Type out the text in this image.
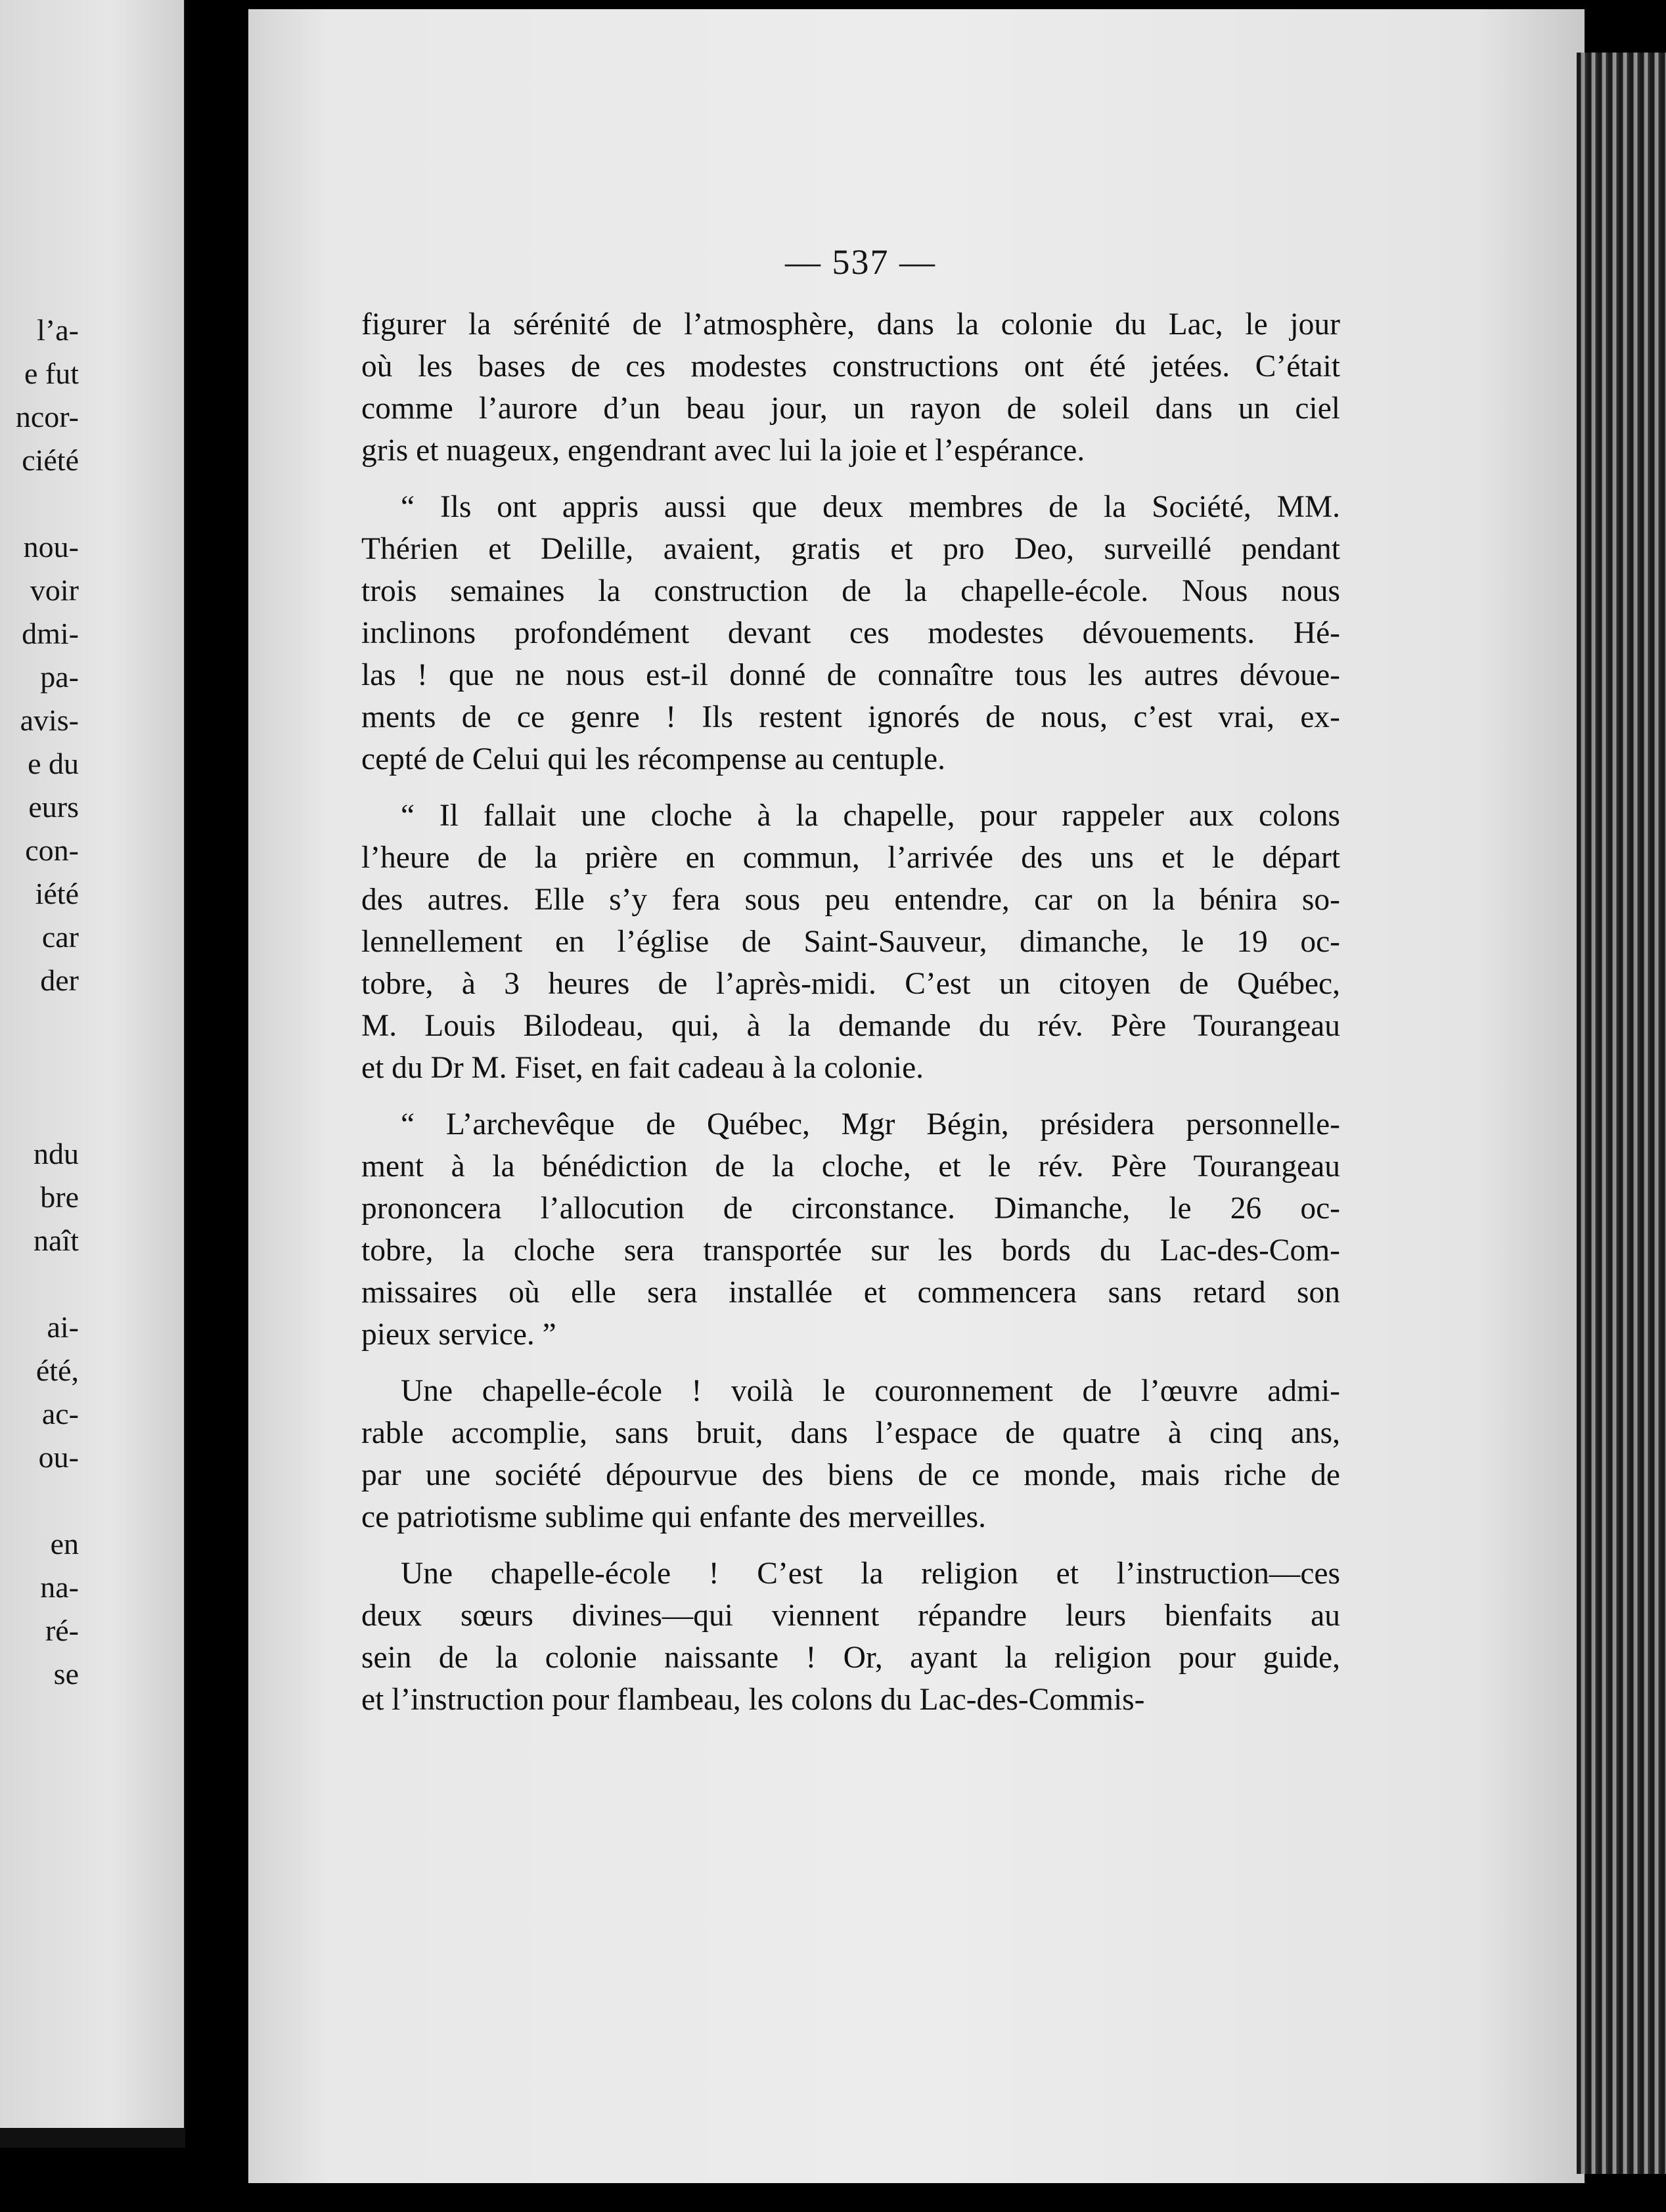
l’a-
e fut
ncor-
ciété
nou-
voir
dmi-
pa-
avis-
e du
eurs
con-
iété
car
der
ndu
bre
naît
ai-
été,
ac-
ou-
en
na-
ré-
se
— 537 —
figurer la sérénité de l’atmosphère, dans la colonie du Lac, le jour
où les bases de ces modestes constructions ont été jetées. C’était
comme l’aurore d’un beau jour, un rayon de soleil dans un ciel
gris et nuageux, engendrant avec lui la joie et l’espérance.
“ Ils ont appris aussi que deux membres de la Société, MM.
Thérien et Delille, avaient, gratis et pro Deo, surveillé pendant
trois semaines la construction de la chapelle-école. Nous nous
inclinons profondément devant ces modestes dévouements. Hé-
las ! que ne nous est-il donné de connaître tous les autres dévoue-
ments de ce genre ! Ils restent ignorés de nous, c’est vrai, ex-
cepté de Celui qui les récompense au centuple.
“ Il fallait une cloche à la chapelle, pour rappeler aux colons
l’heure de la prière en commun, l’arrivée des uns et le départ
des autres. Elle s’y fera sous peu entendre, car on la bénira so-
lennellement en l’église de Saint-Sauveur, dimanche, le 19 oc-
tobre, à 3 heures de l’après-midi. C’est un citoyen de Québec,
M. Louis Bilodeau, qui, à la demande du rév. Père Tourangeau
et du Dr M. Fiset, en fait cadeau à la colonie.
“ L’archevêque de Québec, Mgr Bégin, présidera personnelle-
ment à la bénédiction de la cloche, et le rév. Père Tourangeau
prononcera l’allocution de circonstance. Dimanche, le 26 oc-
tobre, la cloche sera transportée sur les bords du Lac-des-Com-
missaires où elle sera installée et commencera sans retard son
pieux service. ”
Une chapelle-école ! voilà le couronnement de l’œuvre admi-
rable accomplie, sans bruit, dans l’espace de quatre à cinq ans,
par une société dépourvue des biens de ce monde, mais riche de
ce patriotisme sublime qui enfante des merveilles.
Une chapelle-école ! C’est la religion et l’instruction—ces
deux sœurs divines—qui viennent répandre leurs bienfaits au
sein de la colonie naissante ! Or, ayant la religion pour guide,
et l’instruction pour flambeau, les colons du Lac-des-Commis-
